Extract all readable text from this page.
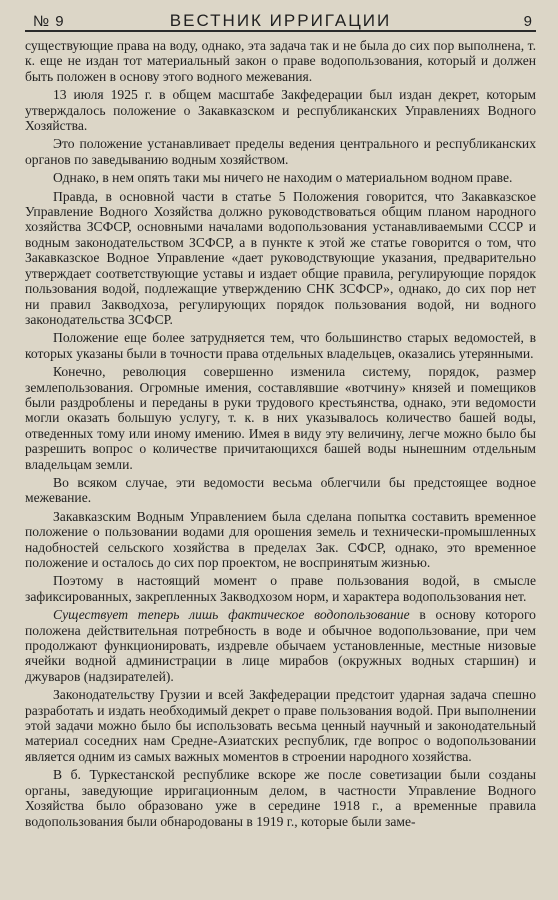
№ 9	ВЕСТНИК ИРРИГАЦИИ	9

существующие права на воду, однако, эта задача так и не была до сих пор выполнена, т. к. еще не издан тот материальный закон о праве водопользования, который и должен быть положен в основу этого водного межевания.

13 июля 1925 г. в общем масштабе Закфедерации был издан декрет, которым утверждалось положение о Закавказском и республиканских Управлениях Водного Хозяйства.

Это положение устанавливает пределы ведения центрального и республиканских органов по заведыванию водным хозяйством.

Однако, в нем опять таки мы ничего не находим о материальном водном праве.

Правда, в основной части в статье 5 Положения говорится, что Закавказское Управление Водного Хозяйства должно руководствоваться общим планом народного хозяйства ЗСФСР, основными началами водопользования устанавливаемыми СССР и водным законодательством ЗСФСР, а в пункте к этой же статье говорится о том, что Закавказское Водное Управление «дает руководствующие указания, предварительно утверждает соответствующие уставы и издает общие правила, регулирующие порядок пользования водой, подлежащие утверждению СНК ЗСФСР», однако, до сих пор нет ни правил Закводхоза, регулирующих порядок пользования водой, ни водного законодательства ЗСФСР.

Положение еще более затрудняется тем, что большинство старых ведомостей, в которых указаны были в точности права отдельных владельцев, оказались утерянными.

Конечно, революция совершенно изменила систему, порядок, размер землепользования. Огромные имения, составлявшие «вотчину» князей и помещиков были раздроблены и переданы в руки трудового крестьянства, однако, эти ведомости могли оказать большую услугу, т. к. в них указывалось количество башей воды, отведенных тому или иному имению. Имея в виду эту величину, легче можно было бы разрешить вопрос о количестве причитающихся башей воды нынешним отдельным владельцам земли.

Во всяком случае, эти ведомости весьма облегчили бы предстоящее водное межевание.

Закавказским Водным Управлением была сделана попытка составить временное положение о пользовании водами для орошения земель и технически-промышленных надобностей сельского хозяйства в пределах Зак. СФСР, однако, это временное положение и осталось до сих пор проектом, не воспринятым жизнью.

Поэтому в настоящий момент о праве пользования водой, в смысле зафиксированных, закрепленных Закводхозом норм, и характера водопользования нет.

Существует теперь лишь фактическое водопользование в основу которого положена действительная потребность в воде и обычное водопользование, при чем продолжают функционировать, издревле обычаем установленные, местные низовые ячейки водной администрации в лице мирабов (окружных водных старшин) и джуваров (надзирателей).

Законодательству Грузии и всей Закфедерации предстоит ударная задача спешно разработать и издать необходимый декрет о праве пользования водой. При выполнении этой задачи можно было бы использовать весьма ценный научный и законодательный материал соседних нам Средне-Азиатских республик, где вопрос о водопользовании является одним из самых важных моментов в строении народного хозяйства.

В б. Туркестанской республике вскоре же после советизации были созданы органы, заведующие ирригационным делом, в частности Управление Водного Хозяйства было образовано уже в середине 1918 г., а временные правила водопользования были обнародованы в 1919 г., которые были заме-
